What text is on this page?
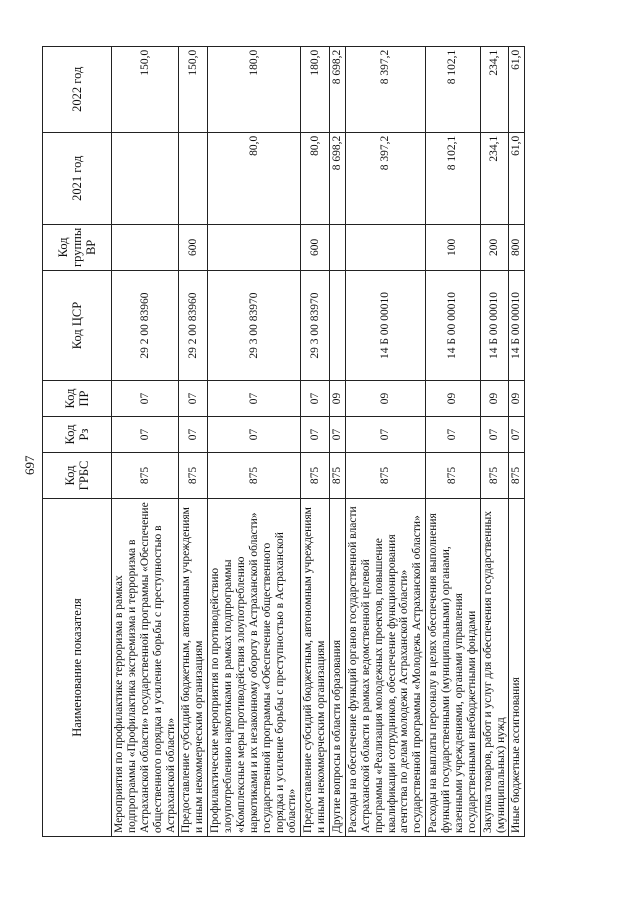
697
Наименование показателя	Код ГРБС	Код Рз	Код ПР	Код ЦСР	Код группы ВР	2021 год	2022 год
Мероприятия по профилактике терроризма в рамках подпрограммы «Профилактика экстремизма и терроризма в Астраханской области» государственной программы «Обеспечение общественного порядка и усиление борьбы с преступностью в Астраханской области»	875	07	07	29 2 00 83960			150,0
Предоставление субсидий бюджетным, автономным учреждениям и иным некоммерческим организациям	875	07	07	29 2 00 83960	600		150,0
Профилактические мероприятия по противодействию злоупотреблению наркотиками в рамках подпрограммы «Комплексные меры противодействия злоупотреблению наркотиками и их незаконному обороту в Астраханской области» государственной программы «Обеспечение общественного порядка и усиление борьбы с преступностью в Астраханской области»	875	07	07	29 3 00 83970		80,0	180,0
Предоставление субсидий бюджетным, автономным учреждениям и иным некоммерческим организациям	875	07	07	29 3 00 83970	600	80,0	180,0
Другие вопросы в области образования	875	07	09			8 698,2	8 698,2
Расходы на обеспечение функций органов государственной власти Астраханской области в рамках ведомственной целевой программы «Реализация молодежных проектов, повышение квалификации сотрудников, обеспечение функционирования агентства по делам молодежи Астраханской области» государственной программы «Молодежь Астраханской области»	875	07	09	14 Б 00 00010		8 397,2	8 397,2
Расходы на выплаты персоналу в целях обеспечения выполнения функций государственными (муниципальными) органами, казенными учреждениями, органами управления государственными внебюджетными фондами	875	07	09	14 Б 00 00010	100	8 102,1	8 102,1
Закупка товаров, работ и услуг для обеспечения государственных (муниципальных) нужд	875	07	09	14 Б 00 00010	200	234,1	234,1
Иные бюджетные ассигнования	875	07	09	14 Б 00 00010	800	61,0	61,0
